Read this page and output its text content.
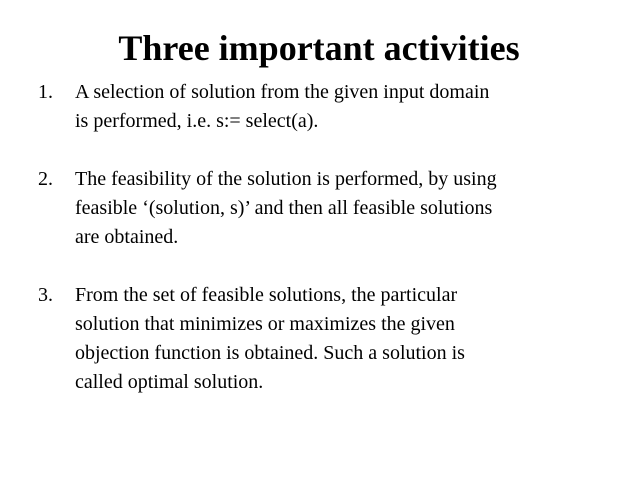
Three important activities
1.	A selection of solution from the given input domain
is performed, i.e. s:= select(a).
2.	The feasibility of the solution is performed, by using
feasible ‘(solution, s)’ and then all feasible solutions
are obtained.
3.	From the set of feasible solutions, the particular
solution that minimizes or maximizes the given
objection function is obtained. Such a solution is
called optimal solution.
